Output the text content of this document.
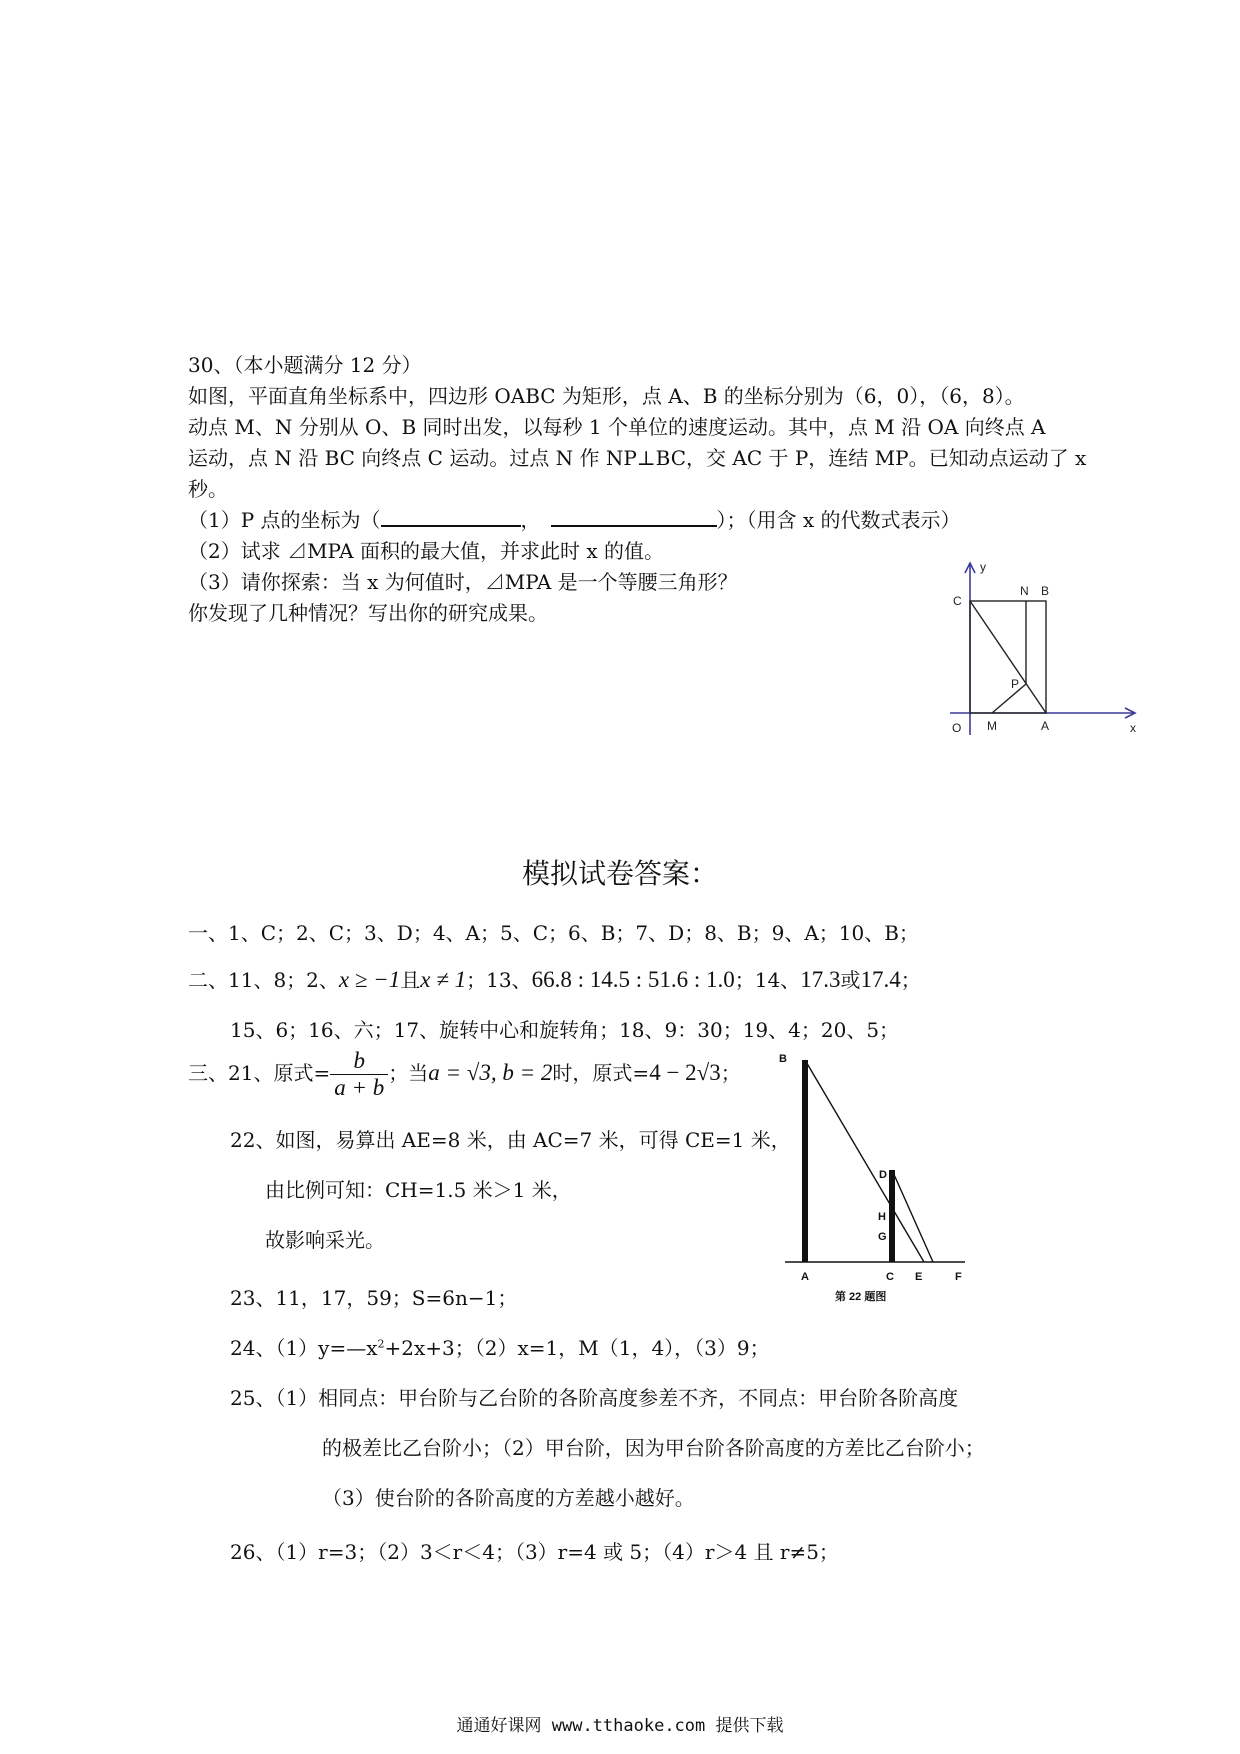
30、（本小题满分 12 分）
如图，平面直角坐标系中，四边形 OABC 为矩形，点 A、B 的坐标分别为（6，0），（6，8）。
动点 M、N 分别从 O、B 同时出发，以每秒 1 个单位的速度运动。其中，点 M 沿 OA 向终点 A
运动，点 N 沿 BC 向终点 C 运动。过点 N 作 NP⊥BC，交 AC 于 P，连结 MP。已知动点运动了 x
秒。
（1）P 点的坐标为（	，	）；（用含 x 的代数式表示）
（2）试求 ⊿MPA 面积的最大值，并求此时 x 的值。
（3）请你探索：当 x 为何值时，⊿MPA 是一个等腰三角形？
你发现了几种情况？写出你的研究成果。
y
x
O M	A
C
N B
P
模拟试卷答案：
一、1、C；2、C；3、D；4、A；5、C；6、B；7、D；8、B；9、A；10、B；
二、11、8；2、x ≥ −1且x ≠ 1；13、66.8 : 14.5 : 51.6 : 1.0；14、17.3或17.4；
15、6；16、六；17、旋转中心和旋转角；18、9：30；19、4；20、5；
三、21、原式= $\frac{b}{a + b}$ ；当a = √3, b = 2时，原式=4 − 2√3；
22、如图，易算出 AE=8 米，由 AC=7 米，可得 CE=1 米，
由比例可知：CH=1.5 米＞1 米，
故影响采光。
B
A	C E	F
D
H
G
第 22 题图
23、11，17，59；S=6n−1；
24、$(1)y=—x^2+2x+3$；（2）x=1，M（1，4），（3）9；
25、（1）相同点：甲台阶与乙台阶的各阶高度参差不齐，不同点：甲台阶各阶高度
的极差比乙台阶小；（2）甲台阶，因为甲台阶各阶高度的方差比乙台阶小；
（3）使台阶的各阶高度的方差越小越好。
26、（1）r=3；（2）3＜r＜4；（3）r=4 或 5；（4）r＞4 且 r≠5；
通通好课网 www.tthaoke.com 提供下载
